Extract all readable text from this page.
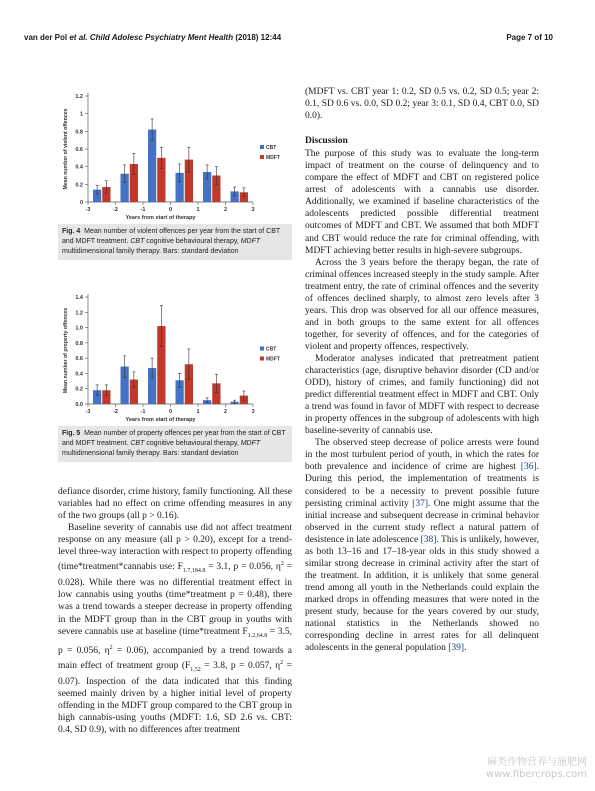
van der Pol et al. Child Adolesc Psychiatry Ment Health (2018) 12:44	Page 7 of 10
0
0.2
0.4
0.6
0.8
1
1.2
-3	-2	-1	0	1	2	3
CBT
MDFT
Years from start of therapy
Mean number of violent offences
Fig. 4 Mean number of violent offences per year from the start of CBT and MDFT treatment. CBT cognitive behavioural therapy, MDFT multidimensional family therapy. Bars: standard deviation
0.0
0.2
0.4
0.6
0.8
1.0
1.2
1.4
-3	-2	-1	0	1	2	3
CBT
MDFT
Years from start of therapy
Mean number of property offences
Fig. 5 Mean number of property offences per year from the start of CBT and MDFT treatment. CBT cognitive behavioural therapy, MDFT multidimensional family therapy. Bars: standard deviation

defiance disorder, crime history, family functioning. All these variables had no effect on crime offending measures in any of the two groups (all p > 0.16).

Baseline severity of cannabis use did not affect treatment response on any measure (all p > 0.20), except for a trend-level three-way interaction with respect to property offending (time*treatment*cannabis use: $F_{1.7,184.8} = 3.1$, p = 0.056, $\eta^2 = 0.028$). While there was no differential treatment effect in low cannabis using youths (time*treatment p = 0.48), there was a trend towards a steeper decrease in property offending in the MDFT group than in the CBT group in youths with severe cannabis use at baseline (time*treatment $F_{1.2,64.8} = 3.5$, p = 0.056, $\eta^2 = 0.06$), accompanied by a trend towards a main effect of treatment group ($F_{1,52} = 3.8$, p = 0.057, $\eta^2 = 0.07$). Inspection of the data indicated that this finding seemed mainly driven by a higher initial level of property offending in the MDFT group compared to the CBT group in high cannabis-using youths (MDFT: 1.6, SD 2.6 vs. CBT: 0.4, SD 0.9), with no differences after treatment

(MDFT vs. CBT year 1: 0.2, SD 0.5 vs. 0.2, SD 0.5; year 2: 0.1, SD 0.6 vs. 0.0, SD 0.2; year 3: 0.1, SD 0.4, CBT 0.0, SD 0.0).

Discussion

The purpose of this study was to evaluate the long-term impact of treatment on the course of delinquency and to compare the effect of MDFT and CBT on registered police arrest of adolescents with a cannabis use disorder. Additionally, we examined if baseline characteristics of the adolescents predicted possible differential treatment outcomes of MDFT and CBT. We assumed that both MDFT and CBT would reduce the rate for criminal offending, with MDFT achieving better results in high-severe subgroups.

Across the 3 years before the therapy began, the rate of criminal offences increased steeply in the study sample. After treatment entry, the rate of criminal offences and the severity of offences declined sharply, to almost zero levels after 3 years. This drop was observed for all our offence measures, and in both groups to the same extent for all offences together, for severity of offences, and for the categories of violent and property offences, respectively.

Moderator analyses indicated that pretreatment patient characteristics (age, disruptive behavior disorder (CD and/or ODD), history of crimes, and family functioning) did not predict differential treatment effect in MDFT and CBT. Only a trend was found in favor of MDFT with respect to decrease in property offences in the subgroup of adolescents with high baseline-severity of cannabis use.

The observed steep decrease of police arrests were found in the most turbulent period of youth, in which the rates for both prevalence and incidence of crime are highest [36]. During this period, the implementation of treatments is considered to be a necessity to prevent possible future persisting criminal activity [37]. One might assume that the initial increase and subsequent decrease in criminal behavior observed in the current study reflect a natural pattern of desistence in late adolescence [38]. This is unlikely, however, as both 13–16 and 17–18-year olds in this study showed a similar strong decrease in criminal activity after the start of the treatment. In addition, it is unlikely that some general trend among all youth in the Netherlands could explain the marked drops in offending measures that were noted in the present study, because for the years covered by our study, national statistics in the Netherlands showed no corresponding decline in arrest rates for all delinquent adolescents in the general population [39].

麻类作物营养与施肥网
www.fibercrops.com
